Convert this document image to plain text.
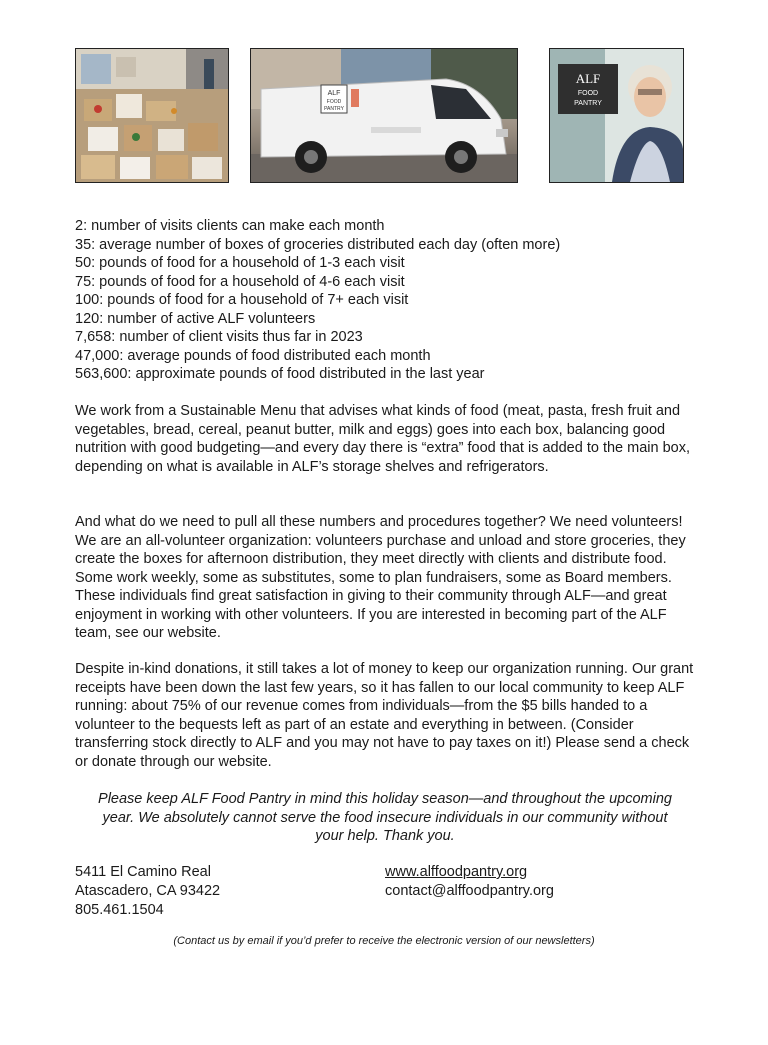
ALF
FOOD
PANTRY
ALF
FOOD
PANTRY
2: number of visits clients can make each month
35: average number of boxes of groceries distributed each day (often more)
50: pounds of food for a household of 1-3 each visit
75: pounds of food for a household of 4-6 each visit
100: pounds of food for a household of 7+ each visit
120: number of active ALF volunteers
7,658: number of client visits thus far in 2023
47,000: average pounds of food distributed each month
563,600: approximate pounds of food distributed in the last year

We work from a Sustainable Menu that advises what kinds of food (meat, pasta, fresh fruit and vegetables, bread, cereal, peanut butter, milk and eggs) goes into each box, balancing good nutrition with good budgeting—and every day there is “extra” food that is added to the main box, depending on what is available in ALF’s storage shelves and refrigerators.

And what do we need to pull all these numbers and procedures together? We need volunteers! We are an all-volunteer organization: volunteers purchase and unload and store groceries, they create the boxes for afternoon distribution, they meet directly with clients and distribute food. Some work weekly, some as substitutes, some to plan fundraisers, some as Board members. These individuals find great satisfaction in giving to their community through ALF—and great enjoyment in working with other volunteers. If you are interested in becoming part of the ALF team, see our website.

Despite in-kind donations, it still takes a lot of money to keep our organization running. Our grant receipts have been down the last few years, so it has fallen to our local community to keep ALF running: about 75% of our revenue comes from individuals—from the $5 bills handed to a volunteer to the bequests left as part of an estate and everything in between. (Consider transferring stock directly to ALF and you may not have to pay taxes on it!) Please send a check or donate through our website.

Please keep ALF Food Pantry in mind this holiday season—and throughout the upcoming year. We absolutely cannot serve the food insecure individuals in our community without your help. Thank you.

5411 El Camino Real
Atascadero, CA 93422
805.461.1504
www.alffoodpantry.org
contact@alffoodpantry.org
(Contact us by email if you’d prefer to receive the electronic version of our newsletters)
